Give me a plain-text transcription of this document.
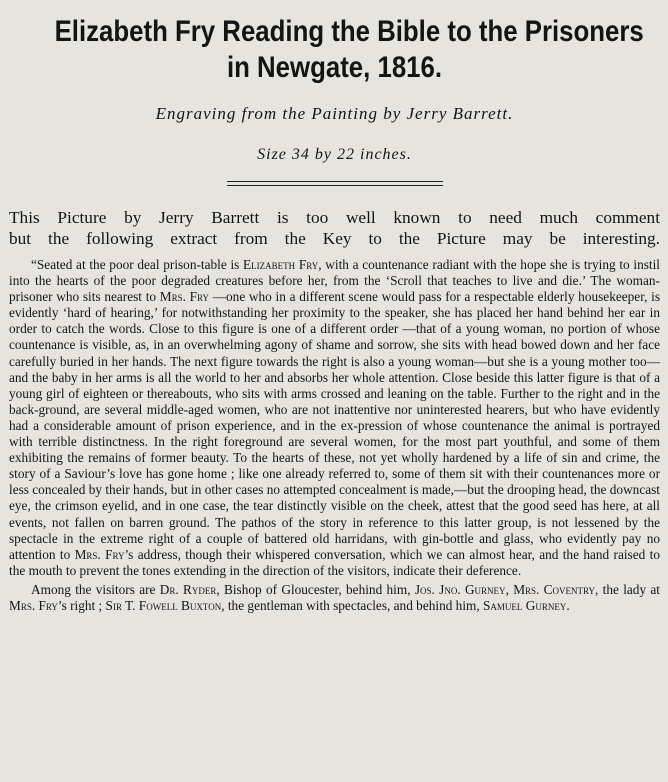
Elizabeth Fry Reading the Bible to the Prisoners
in Newgate, 1816.

Engraving from the Painting by Jerry Barrett.

Size 34 by 22 inches.

This Picture by Jerry Barrett is too well known to need much comment
but the following extract from the Key to the Picture may be interesting.

“Seated at the poor deal prison-table is Elizabeth Fry, with a countenance radiant with the hope she is trying to instil into the hearts of the poor degraded creatures before her, from the ‘Scroll that teaches to live and die.’ The woman-prisoner who sits nearest to Mrs. Fry —one who in a different scene would pass for a respectable elderly housekeeper, is evidently ‘hard of hearing,’ for notwithstanding her proximity to the speaker, she has placed her hand behind her ear in order to catch the words. Close to this figure is one of a different order —that of a young woman, no portion of whose countenance is visible, as, in an overwhelming agony of shame and sorrow, she sits with head bowed down and her face carefully buried in her hands. The next figure towards the right is also a young woman—but she is a young mother too—and the baby in her arms is all the world to her and absorbs her whole attention. Close beside this latter figure is that of a young girl of eighteen or thereabouts, who sits with arms crossed and leaning on the table. Further to the right and in the back-ground, are several middle-aged women, who are not inattentive nor uninterested hearers, but who have evidently had a considerable amount of prison experience, and in the ex-pression of whose countenance the animal is portrayed with terrible distinctness. In the right foreground are several women, for the most part youthful, and some of them exhibiting the remains of former beauty. To the hearts of these, not yet wholly hardened by a life of sin and crime, the story of a Saviour’s love has gone home ; like one already referred to, some of them sit with their countenances more or less concealed by their hands, but in other cases no attempted concealment is made,—but the drooping head, the downcast eye, the crimson eyelid, and in one case, the tear distinctly visible on the cheek, attest that the good seed has here, at all events, not fallen on barren ground. The pathos of the story in reference to this latter group, is not lessened by the spectacle in the extreme right of a couple of battered old harridans, with gin-bottle and glass, who evidently pay no attention to Mrs. Fry’s address, though their whispered conversation, which we can almost hear, and the hand raised to the mouth to prevent the tones extending in the direction of the visitors, indicate their deference.

Among the visitors are Dr. Ryder, Bishop of Gloucester, behind him, Jos. Jno. Gurney, Mrs. Coventry, the lady at Mrs. Fry’s right ; Sir T. Fowell Buxton, the gentleman with spectacles, and behind him, Samuel Gurney.
